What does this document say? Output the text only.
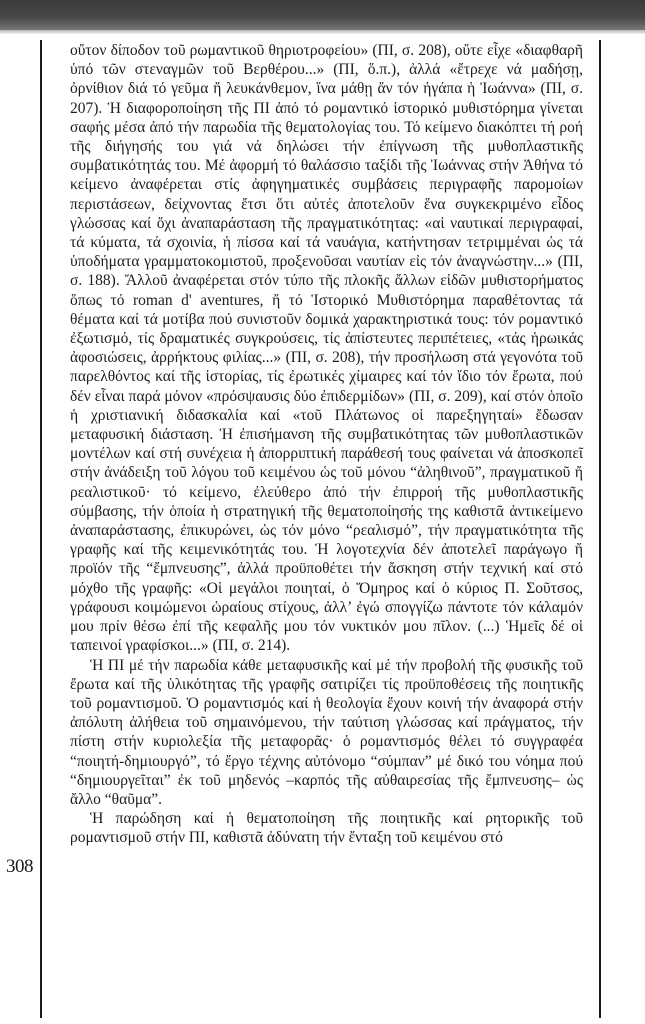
308

οὔτον δίποδον τοῦ ρωμαντικοῦ θηριοτροφείου» (ΠΙ, σ. 208), οὔτε εἶχε «διαφθαρῆ ὑπό τῶν στεναγμῶν τοῦ Βερθέρου...» (ΠΙ, ὅ.π.), ἀλλά «ἔτρεχε νά μαδήσῃ, ὀρνίθιον διά τό γεῦμα ἤ λευκάνθεμον, ἵνα μάθῃ ἄν τόν ἠγάπα ἡ Ἰωάννα» (ΠΙ, σ. 207). Ἡ διαφοροποίηση τῆς ΠΙ ἀπό τό ρομαντικό ἱστορικό μυθιστόρημα γίνεται σαφής μέσα ἀπό τήν παρωδία τῆς θεματολογίας του. Τό κείμενο διακόπτει τή ροή τῆς διήγησής του γιά νά δηλώσει τήν ἐπίγνωση τῆς μυθοπλαστικῆς συμβατικότητάς του. Μέ ἀφορμή τό θαλάσσιο ταξίδι τῆς Ἰωάννας στήν Ἀθήνα τό κείμενο ἀναφέρεται στίς ἀφηγηματικές συμβάσεις περιγραφῆς παρομοίων περιστάσεων, δείχνοντας ἔτσι ὅτι αὐτές ἀποτελοῦν ἕνα συγκεκριμένο εἶδος γλώσσας καί ὄχι ἀναπαράσταση τῆς πραγματικότητας: «αἱ ναυτικαί περιγραφαί, τά κύματα, τά σχοινία, ἡ πίσσα καί τά ναυάγια, κατήντησαν τετριμμέναι ὡς τά ὑποδήματα γραμματοκομιστοῦ, προξενοῦσαι ναυτίαν εἰς τόν ἀναγνώστην...» (ΠΙ, σ. 188). Ἄλλοῦ ἀναφέρεται στόν τύπο τῆς πλοκῆς ἄλλων εἰδῶν μυθιστορήματος ὅπως τό roman d' aventures, ἤ τό Ἱστορικό Μυθιστόρημα παραθέτοντας τά θέματα καί τά μοτίβα πού συνιστοῦν δομικά χαρακτηριστικά τους: τόν ρομαντικό ἐξωτισμό, τίς δραματικές συγκρούσεις, τίς ἀπίστευτες περιπέτειες, «τάς ἡρωικάς ἀφοσιώσεις, ἀρρήκτους φιλίας...» (ΠΙ, σ. 208), τήν προσήλωση στά γεγονότα τοῦ παρελθόντος καί τῆς ἱστορίας, τίς ἐρωτικές χίμαιρες καί τόν ἴδιο τόν ἔρωτα, πού δέν εἶναι παρά μόνον «πρόσψαυσις δύο ἐπιδερμίδων» (ΠΙ, σ. 209), καί στόν ὁποῖο ἡ χριστιανική διδασκαλία καί «τοῦ Πλάτωνος οἱ παρεξηγηταί» ἔδωσαν μεταφυσική διάσταση. Ἡ ἐπισήμανση τῆς συμβατικότητας τῶν μυθοπλαστικῶν μοντέλων καί στή συνέχεια ἡ ἀπορριπτική παράθεσή τους φαίνεται νά ἀποσκοπεῖ στήν ἀνάδειξη τοῦ λόγου τοῦ κειμένου ὡς τοῦ μόνου “ἀληθινοῦ”, πραγματικοῦ ἤ ρεαλιστικοῦ· τό κείμενο, ἐλεύθερο ἀπό τήν ἐπιρροή τῆς μυθοπλαστικῆς σύμβασης, τήν ὁποία ἡ στρατηγική τῆς θεματοποίησής της καθιστᾶ ἀντικείμενο ἀναπαράστασης, ἐπικυρώνει, ὡς τόν μόνο “ρεαλισμό”, τήν πραγματικότητα τῆς γραφῆς καί τῆς κειμενικότητάς του. Ἡ λογοτεχνία δέν ἀποτελεῖ παράγωγο ἤ προϊόν τῆς “ἔμπνευσης”, ἀλλά προϋποθέτει τήν ἄσκηση στήν τεχνική καί στό μόχθο τῆς γραφῆς: «Οἱ μεγάλοι ποιηταί, ὁ Ὅμηρος καί ὁ κύριος Π. Σοῦτσος, γράφουσι κοιμώμενοι ὡραίους στίχους, ἀλλ’ ἐγώ σπογγίζω πάντοτε τόν κάλαμόν μου πρίν θέσω ἐπί τῆς κεφαλῆς μου τόν νυκτικόν μου πῖλον. (...) Ἡμεῖς δέ οἱ ταπεινοί γραφίσκοι...» (ΠΙ, σ. 214).

Ἡ ΠΙ μέ τήν παρωδία κάθε μεταφυσικῆς καί μέ τήν προβολή τῆς φυσικῆς τοῦ ἔρωτα καί τῆς ὑλικότητας τῆς γραφῆς σατιρίζει τίς προϋποθέσεις τῆς ποιητικῆς τοῦ ρομαντισμοῦ. Ὁ ρομαντισμός καί ἡ θεολογία ἔχουν κοινή τήν ἀναφορά στήν ἀπόλυτη ἀλήθεια τοῦ σημαινόμενου, τήν ταύτιση γλώσσας καί πράγματος, τήν πίστη στήν κυριολεξία τῆς μεταφορᾶς· ὁ ρομαντισμός θέλει τό συγγραφέα “ποιητή-δημιουργό”, τό ἔργο τέχνης αὐτόνομο “σύμπαν” μέ δικό του νόημα πού “δημιουργεῖται” ἐκ τοῦ μηδενός –καρπός τῆς αὐθαιρεσίας τῆς ἔμπνευσης– ὡς ἄλλο “θαῦμα”.

Ἡ παρώδηση καί ἡ θεματοποίηση τῆς ποιητικῆς καί ρητορικῆς τοῦ ρομαντισμοῦ στήν ΠΙ, καθιστᾶ ἀδύνατη τήν ἔνταξη τοῦ κειμένου στό
